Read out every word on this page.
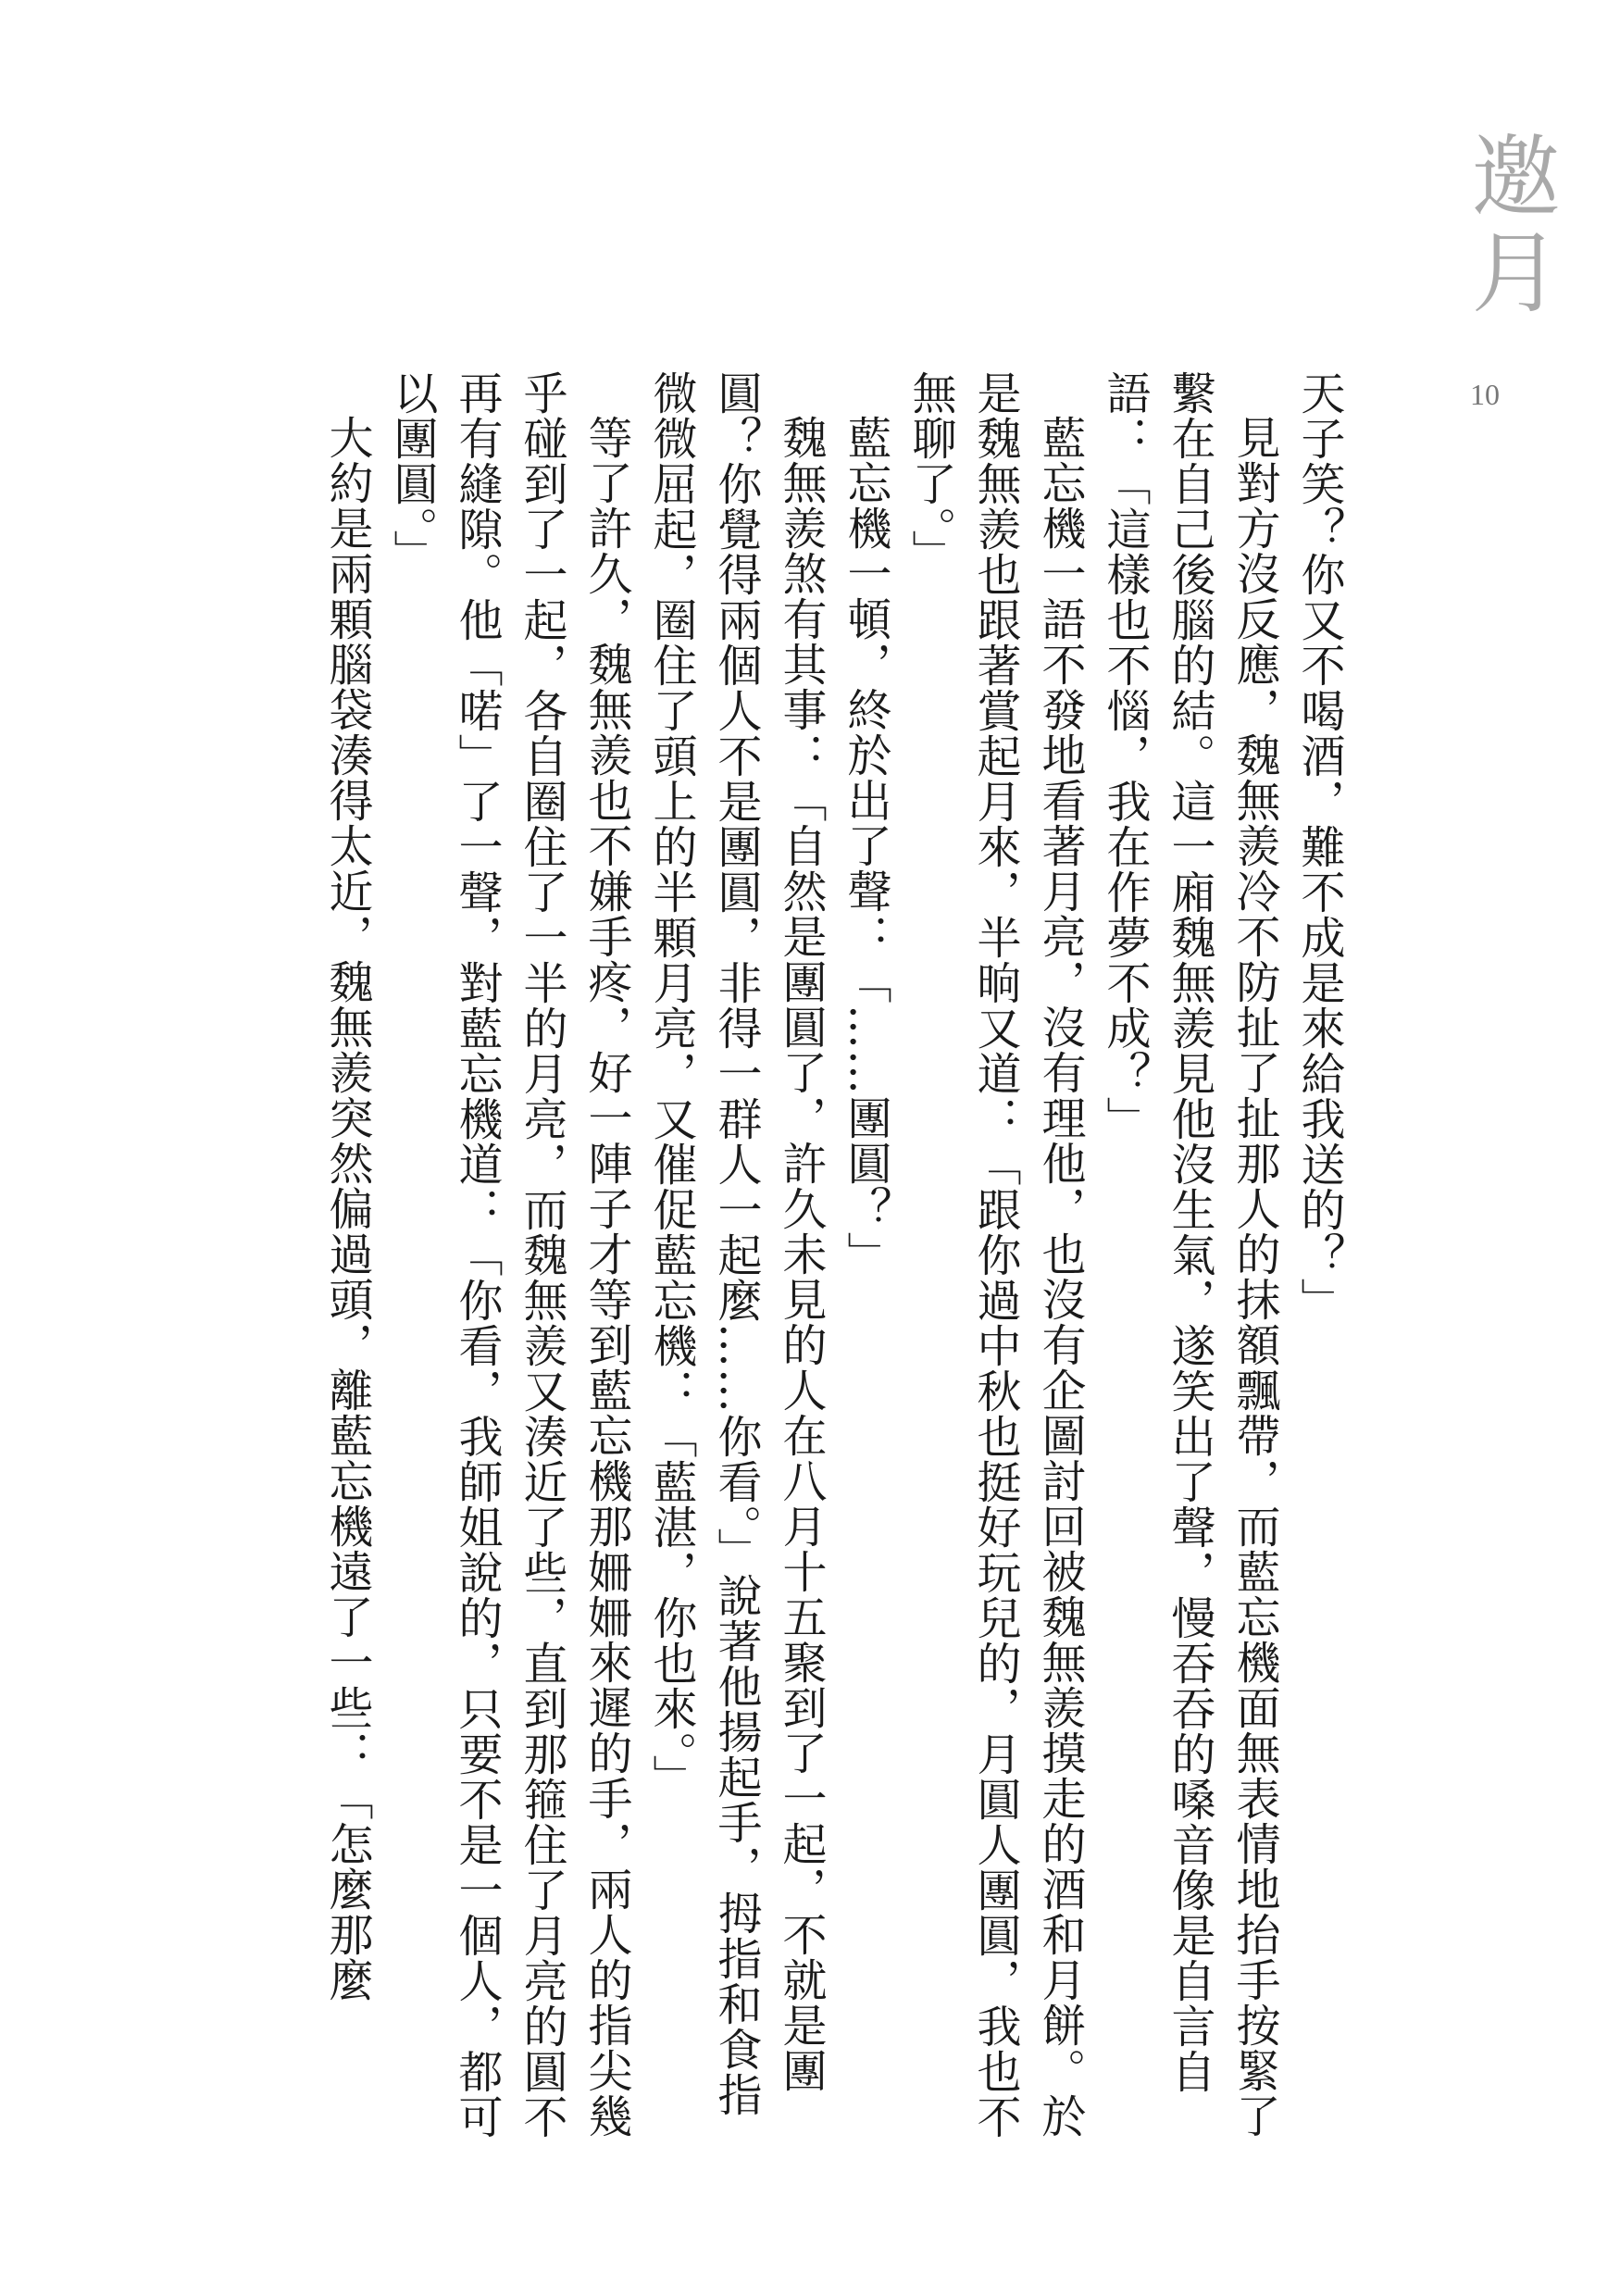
邀月
10

天子笑？你又不喝酒，難不成是來給我送的？」

見對方沒反應，魏無羨冷不防扯了扯那人的抹額飄帶，而藍忘機面無表情地抬手按緊了繫在自己後腦的結。這一廂魏無羨見他沒生氣，遂笑出了聲，慢吞吞的嗓音像是自言自語：「這樣也不惱，我在作夢不成？」

藍忘機一語不發地看著月亮，沒有理他，也沒有企圖討回被魏無羨摸走的酒和月餅。於是魏無羨也跟著賞起月來，半晌又道：「跟你過中秋也挺好玩兒的，月圓人團圓，我也不無聊了。」

藍忘機一頓，終於出了聲：「……團圓？」

魏無羨煞有其事：「自然是團圓了，許久未見的人在八月十五聚到了一起，不就是團圓？你覺得兩個人不是團圓，非得一群人一起麼……你看。」說著他揚起手，拇指和食指微微屈起，圈住了頭上的半顆月亮，又催促藍忘機：「藍湛，你也來。」

等了許久，魏無羨也不嫌手疼，好一陣子才等到藍忘機那姍姍來遲的手，兩人的指尖幾乎碰到了一起，各自圈住了一半的月亮，而魏無羨又湊近了些，直到那箍住了月亮的圓不再有縫隙。他「喏」了一聲，對藍忘機道：「你看，我師姐說的，只要不是一個人，都可以團圓。」

大約是兩顆腦袋湊得太近，魏無羨突然偏過頭，離藍忘機遠了一些：「怎麼那麼
